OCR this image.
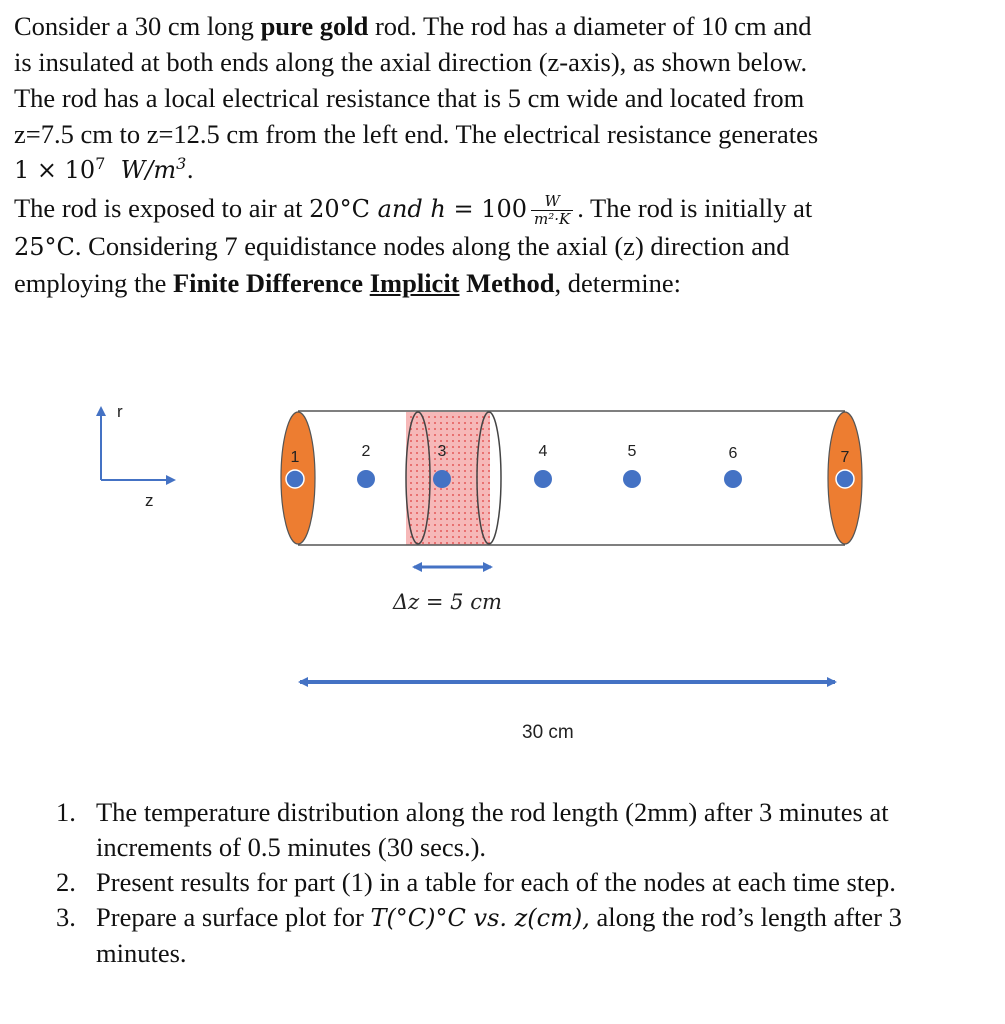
Consider a 30 cm long pure gold rod. The rod has a diameter of 10 cm and
is insulated at both ends along the axial direction (z-axis), as shown below.
The rod has a local electrical resistance that is 5 cm wide and located from
z=7.5 cm to z=12.5 cm from the left end. The electrical resistance generates
$1 \times 10^7$ $W/m^3$.
The rod is exposed to air at 20°C and $h = 100 \frac{W}{\text{m²·K}}$ . The rod is initially at
25°C. Considering 7 equidistance nodes along the axial (z) direction and
employing the Finite Difference Implicit Method, determine:
r
z
1	2	3	4	5	6	7
Δz = 5 cm
30 cm
1. The temperature distribution along the rod length (2mm) after 3 minutes at increments of 0.5 minutes (30 secs.).
2. Present results for part (1) in a table for each of the nodes at each time step.
3. Prepare a surface plot for T(°C)°C vs. z(cm), along the rod’s length after 3 minutes.
